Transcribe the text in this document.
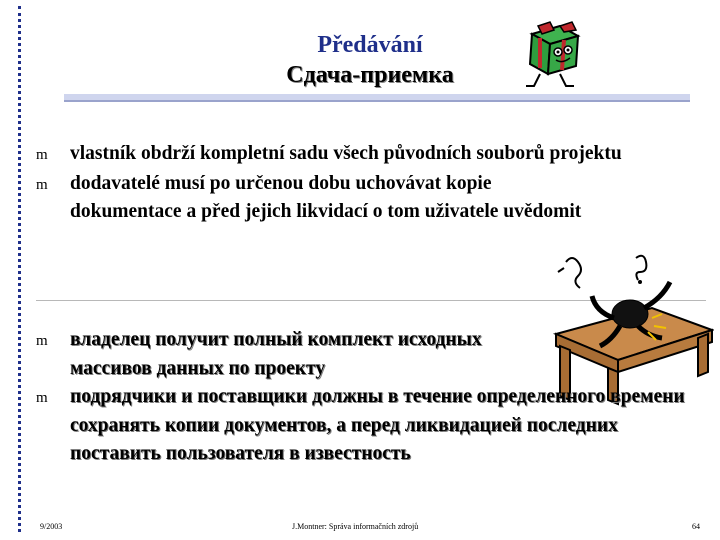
Předávání
Сдача-приемка
m	vlastník obdrží kompletní sadu všech původních souborů projektu
m	dodavatelé musí po určenou dobu uchovávat kopie dokumentace a před jejich likvidací o tom uživatele uvědomit
m	владелец получит полный комплект исходных массивов данных по проекту
m	подрядчики и поставщики должны в течение определенного времени сохранять копии документов, а перед ликвидацией последних поставить пользователя в известность
9/2003	J.Montner: Správa informačních zdrojů	64
